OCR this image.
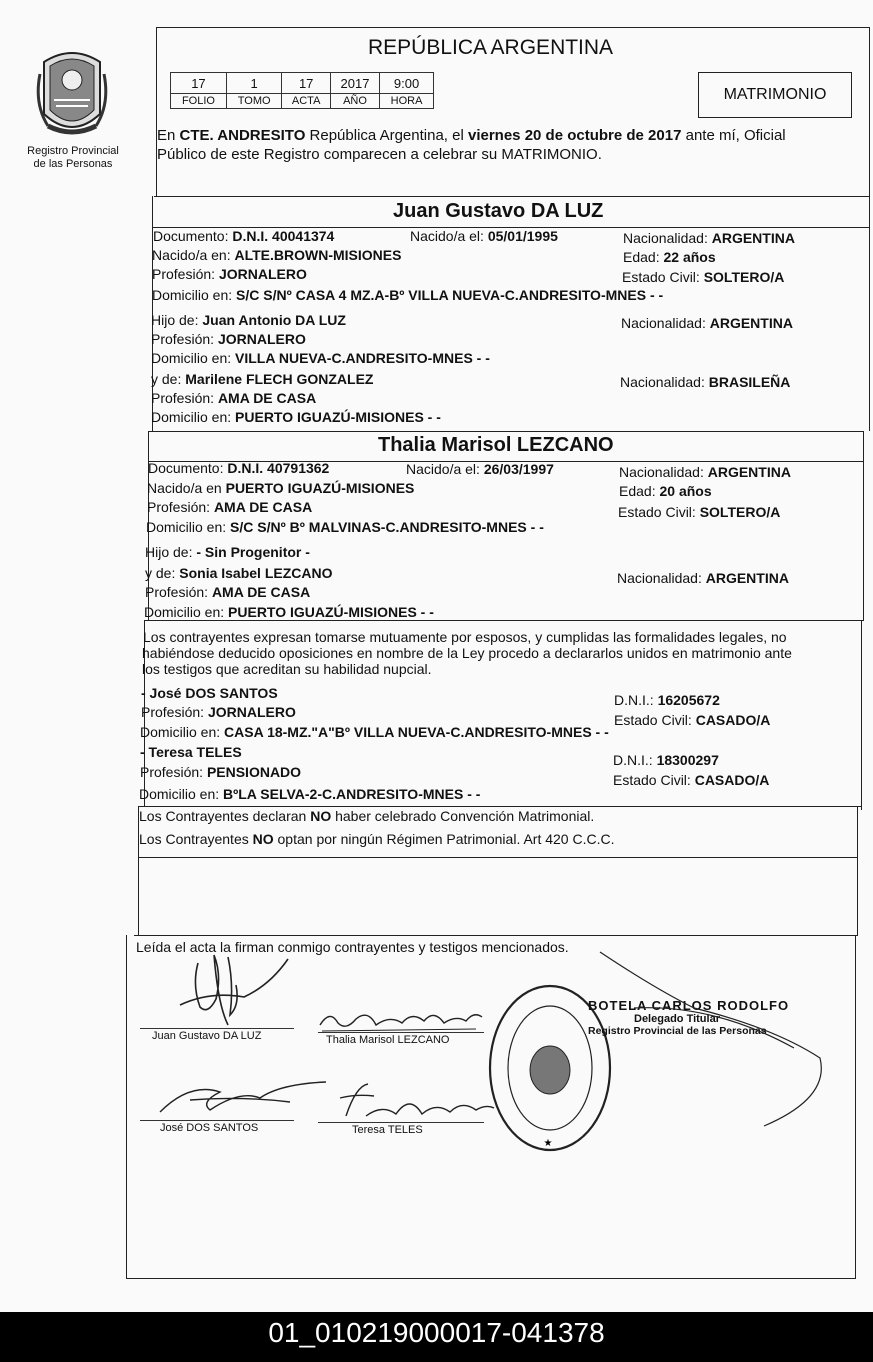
Registro Provincial
de las Personas
REPÚBLICA ARGENTINA
17	1	17	2017	9:00
FOLIO	TOMO	ACTA	AÑO	HORA	MATRIMONIO
En CTE. ANDRESITO República Argentina, el viernes 20 de octubre de 2017 ante mí, Oficial
Público de este Registro comparecen a celebrar su MATRIMONIO.
Juan Gustavo DA LUZ
Documento: D.N.I. 40041374	Nacido/a el: 05/01/1995	Nacionalidad: ARGENTINA
Nacido/a en: ALTE.BROWN-MISIONES	Edad: 22 años
Profesión: JORNALERO	Estado Civil: SOLTERO/A
Domicilio en: S/C S/Nº CASA 4 MZ.A-Bº VILLA NUEVA-C.ANDRESITO-MNES - -
Hijo de: Juan Antonio DA LUZ	Nacionalidad: ARGENTINA
Profesión: JORNALERO
Domicilio en: VILLA NUEVA-C.ANDRESITO-MNES - -
y de: Marilene FLECH GONZALEZ	Nacionalidad: BRASILEÑA
Profesión: AMA DE CASA
Domicilio en: PUERTO IGUAZÚ-MISIONES - -
Thalia Marisol LEZCANO
Documento: D.N.I. 40791362	Nacido/a el: 26/03/1997	Nacionalidad: ARGENTINA
Nacido/a en PUERTO IGUAZÚ-MISIONES	Edad: 20 años
Profesión: AMA DE CASA	Estado Civil: SOLTERO/A
Domicilio en: S/C S/Nº Bº MALVINAS-C.ANDRESITO-MNES - -
Hijo de: - Sin Progenitor -
y de: Sonia Isabel LEZCANO	Nacionalidad: ARGENTINA
Profesión: AMA DE CASA
Domicilio en: PUERTO IGUAZÚ-MISIONES - -
Los contrayentes expresan tomarse mutuamente por esposos, y cumplidas las formalidades legales, no
habiéndose deducido oposiciones en nombre de la Ley procedo a declararlos unidos en matrimonio ante
los testigos que acreditan su habilidad nupcial.
- José DOS SANTOS	D.N.I.: 16205672
Profesión: JORNALERO	Estado Civil: CASADO/A
Domicilio en: CASA 18-MZ."A"Bº VILLA NUEVA-C.ANDRESITO-MNES - -
- Teresa TELES	D.N.I.: 18300297
Profesión: PENSIONADO	Estado Civil: CASADO/A
Domicilio en: BºLA SELVA-2-C.ANDRESITO-MNES - -
Los Contrayentes declaran NO haber celebrado Convención Matrimonial.
Los Contrayentes NO optan por ningún Régimen Patrimonial. Art 420 C.C.C.
Leída el acta la firman conmigo contrayentes y testigos mencionados.
Juan Gustavo DA LUZ	Thalia Marisol LEZCANO
José DOS SANTOS	Teresa TELES
★
BOTELA CARLOS RODOLFO
Delegado Titular
Registro Provincial de las Personas
01_010219000017-041378
